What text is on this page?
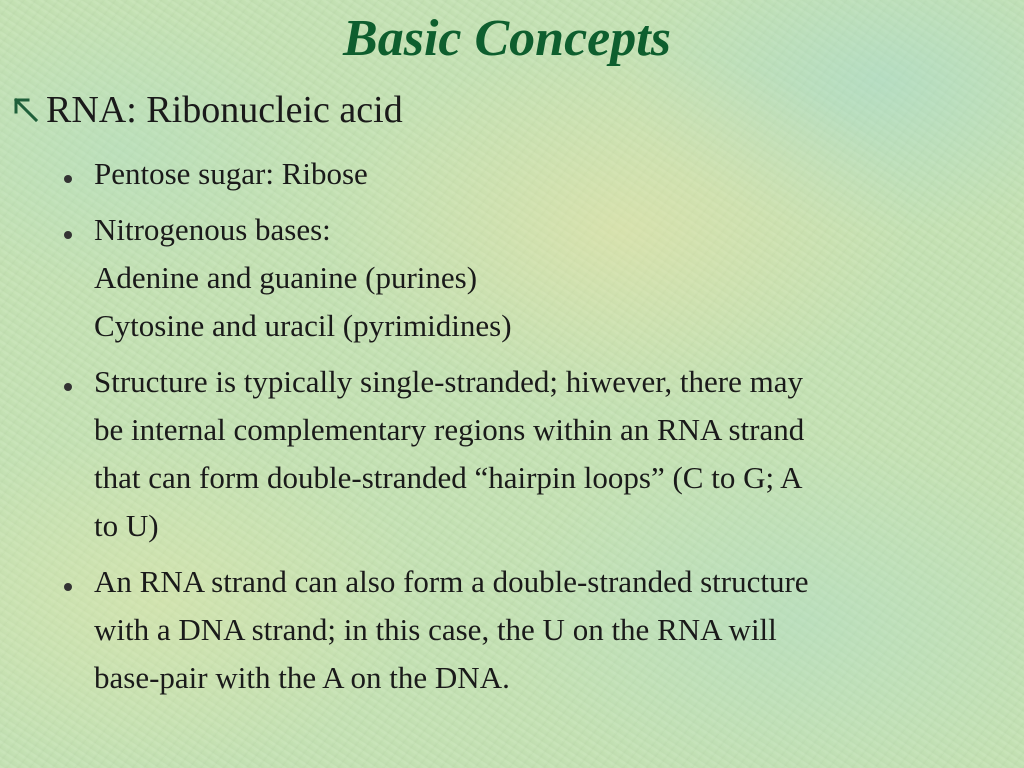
Basic Concepts

RNA: Ribonucleic acid

Pentose sugar: Ribose
Nitrogenous bases:
Adenine and guanine (purines)
Cytosine and uracil (pyrimidines)
Structure is typically single-stranded; hiwever, there may
be internal complementary regions within an RNA strand
that can form double-stranded “hairpin loops” (C to G; A
to U)
An RNA strand can also form a double-stranded structure
with a DNA strand; in this case, the U on the RNA will
base-pair with the A on the DNA.
